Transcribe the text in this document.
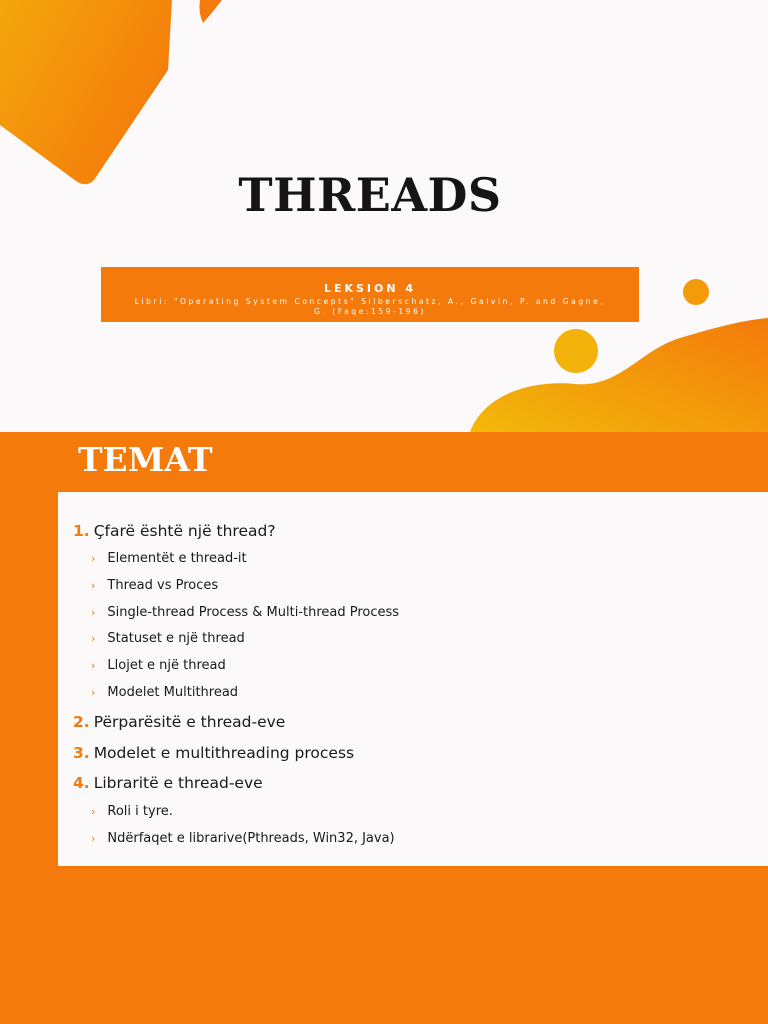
THREADS
LEKSION 4
Libri: "Operating System Concepts" Silberschatz, A., Galvin, P. and Gagne, G. (Faqe:159-196)
TEMAT
1. Çfarë është një thread?
› Elementët e thread-it
› Thread vs Proces
› Single-thread Process & Multi-thread Process
› Statuset e një thread
› Llojet e një thread
› Modelet Multithread
2. Përparësitë e thread-eve
3. Modelet e multithreading process
4. Libraritë e thread-eve
› Roli i tyre.
› Ndërfaqet e librarive(Pthreads, Win32, Java)
